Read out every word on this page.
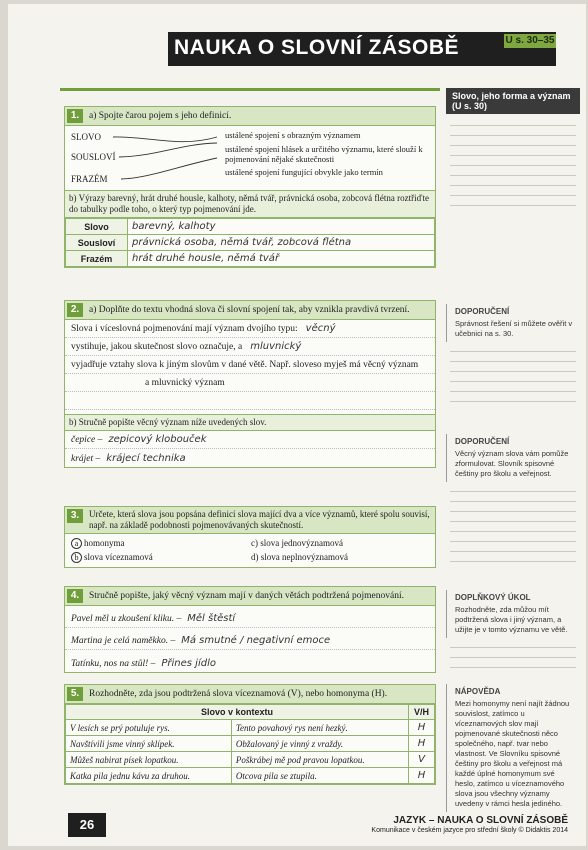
NAUKA O SLOVNÍ ZÁSOBĚ	U s. 30–35
1.	a) Spojte čarou pojem s jeho definicí.
SLOVO
SOUSLOVÍ
FRAZÉM
ustálené spojení s obrazným významem
ustálené spojení hlásek a určitého významu, které slouží k pojmenování nějaké skutečnosti
ustálené spojení fungující obvykle jako termín
b) Výrazy barevný, hrát druhé housle, kalhoty, němá tvář, právnická osoba, zobcová flétna roztřiďte do tabulky podle toho, o který typ pojmenování jde.
Slovo	barevný, kalhoty
Sousloví	právnická osoba, němá tvář, zobcová flétna
Frazém	hrát druhé housle, němá tvář
2.	a) Doplňte do textu vhodná slova či slovní spojení tak, aby vznikla pravdivá tvrzení.
Slova i víceslovná pojmenování mají význam dvojího typu: věcný
vystihuje, jakou skutečnost slovo označuje, a mluvnický
vyjadřuje vztahy slova k jiným slovům v dané větě. Např. sloveso myješ má věcný význam
a mluvnický význam
b) Stručně popište věcný význam níže uvedených slov.
čepice – zepicový klobouček
krájet – krájecí technika
3.	Určete, která slova jsou popsána definicí slova mající dva a více významů, které spolu souvisí, např. na základě podobnosti pojmenovávaných skutečností.
a homonyma	c) slova jednovýznamová
b slova víceznamová	d) slova neplnovýznamová
4.	Stručně popište, jaký věcný význam mají v daných větách podtržená pojmenování.
Pavel měl u zkoušení kliku. – Měl štěstí
Martina je celá naměkko. – Má smutné / negativní emoce
Tatínku, nos na stůl! – Přines jídlo
5.	Rozhodněte, zda jsou podtržená slova víceznamová (V), nebo homonyma (H).
Slovo v kontextu		V/H
V lesích se prý potuluje rys.	Tento povahový rys není hezký.	H
Navštívili jsme vinný sklípek.	Obžalovaný je vinný z vraždy.	H
Můžeš nabirat písek lopatkou.	Poškrábej mě pod pravou lopatkou.	V
Katka pila jednu kávu za druhou.	Otcova pila se ztupila.	H
Slovo, jeho forma a význam (U s. 30)
DOPORUČENÍ
Správnost řešení si můžete ověřit v učebnici na s. 30.
DOPORUČENÍ
Věcný význam slova vám pomůže zformulovat. Slovník spisovné češtiny pro školu a veřejnost.
DOPLŇKOVÝ ÚKOL
Rozhodněte, zda můžou mít podtržená slova i jiný význam, a užijte je v tomto významu ve větě.
NÁPOVĚDA
Mezi homonymy není najít žádnou souvislost, zatímco u víceznamových slov mají pojmenované skutečnosti něco společného, např. tvar nebo vlastnost. Ve Slovníku spisovné češtiny pro školu a veřejnost má každé úplné homonymum své heslo, zatímco u víceznamového slova jsou všechny významy uvedeny v rámci hesla jediného.
26	JAZYK – NAUKA O SLOVNÍ ZÁSOBĚ
Komunikace v českém jazyce pro střední školy © Didaktis 2014
